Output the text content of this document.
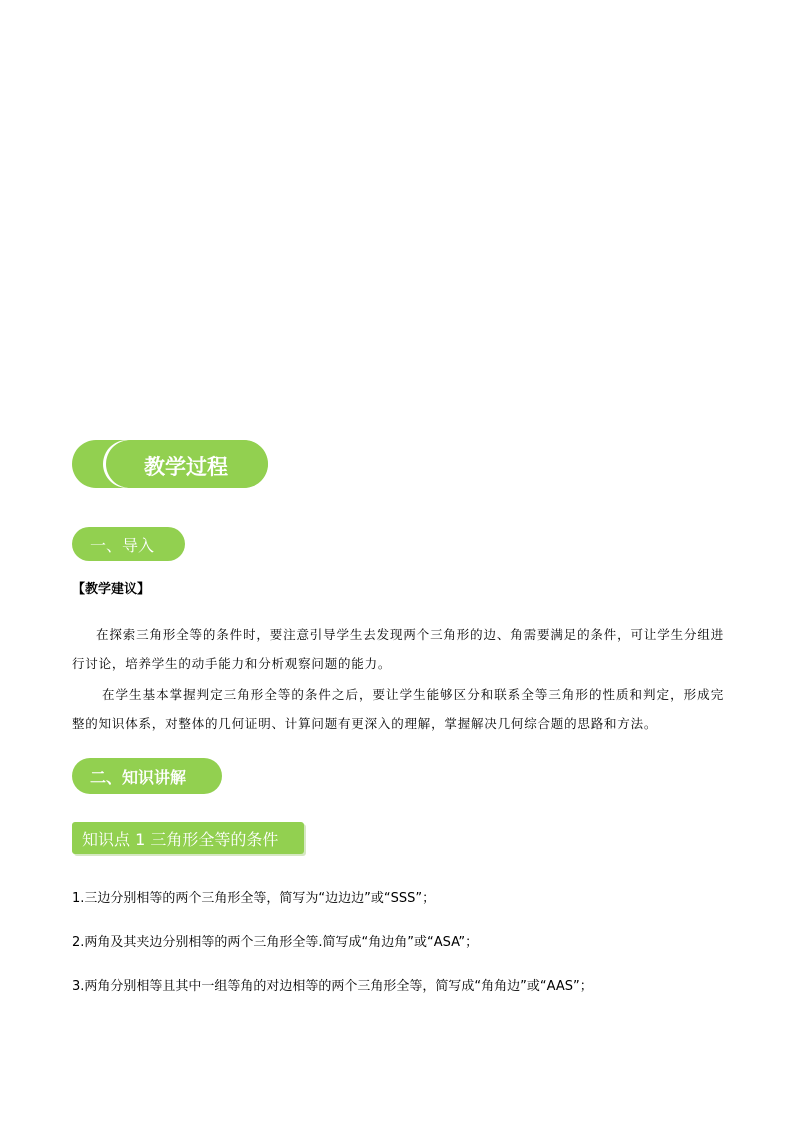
教学过程
一、导入
【教学建议】
在探索三角形全等的条件时，要注意引导学生去发现两个三角形的边、角需要满足的条件，可让学生分组进行讨论，培养学生的动手能力和分析观察问题的能力。
在学生基本掌握判定三角形全等的条件之后，要让学生能够区分和联系全等三角形的性质和判定，形成完整的知识体系，对整体的几何证明、计算问题有更深入的理解，掌握解决几何综合题的思路和方法。
二、知识讲解
知识点 1 三角形全等的条件
1.三边分别相等的两个三角形全等，简写为“边边边”或“SSS”；
2.两角及其夹边分别相等的两个三角形全等.简写成“角边角”或“ASA”；
3.两角分别相等且其中一组等角的对边相等的两个三角形全等，简写成“角角边”或“AAS”；
